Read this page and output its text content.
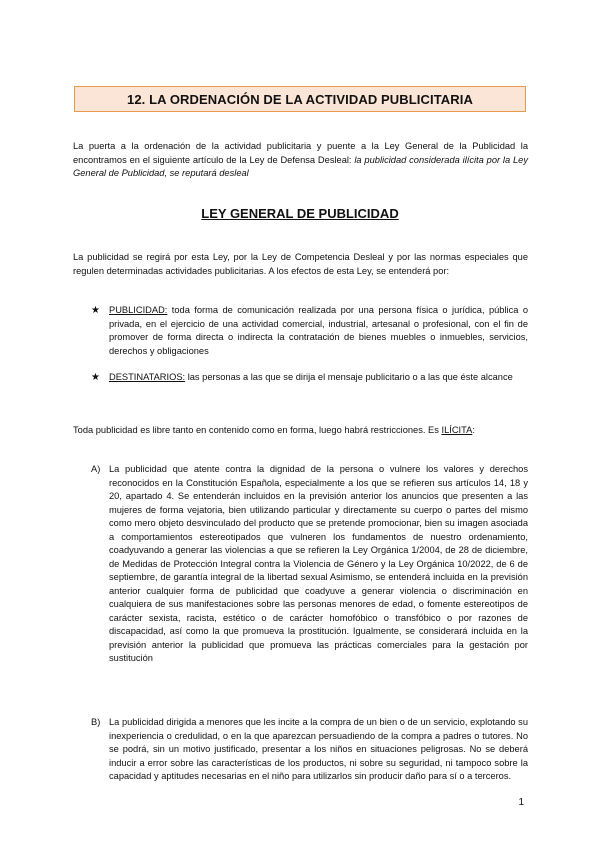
12. LA ORDENACIÓN DE LA ACTIVIDAD PUBLICITARIA

La puerta a la ordenación de la actividad publicitaria y puente a la Ley General de la Publicidad la encontramos en el siguiente artículo de la Ley de Defensa Desleal: la publicidad considerada ilícita por la Ley General de Publicidad, se reputará desleal

LEY GENERAL DE PUBLICIDAD

La publicidad se regirá por esta Ley, por la Ley de Competencia Desleal y por las normas especiales que regulen determinadas actividades publicitarias. A los efectos de esta Ley, se entenderá por:

★ PUBLICIDAD: toda forma de comunicación realizada por una persona física o jurídica, pública o privada, en el ejercicio de una actividad comercial, industrial, artesanal o profesional, con el fin de promover de forma directa o indirecta la contratación de bienes muebles o inmuebles, servicios, derechos y obligaciones
★ DESTINATARIOS: las personas a las que se dirija el mensaje publicitario o a las que éste alcance

Toda publicidad es libre tanto en contenido como en forma, luego habrá restricciones. Es ILÍCITA:

A) La publicidad que atente contra la dignidad de la persona o vulnere los valores y derechos reconocidos en la Constitución Española, especialmente a los que se refieren sus artículos 14, 18 y 20, apartado 4. Se entenderán incluidos en la previsión anterior los anuncios que presenten a las mujeres de forma vejatoria, bien utilizando particular y directamente su cuerpo o partes del mismo como mero objeto desvinculado del producto que se pretende promocionar, bien su imagen asociada a comportamientos estereotipados que vulneren los fundamentos de nuestro ordenamiento, coadyuvando a generar las violencias a que se refieren la Ley Orgánica 1/2004, de 28 de diciembre, de Medidas de Protección Integral contra la Violencia de Género y la Ley Orgánica 10/2022, de 6 de septiembre, de garantía integral de la libertad sexual Asimismo, se entenderá incluida en la previsión anterior cualquier forma de publicidad que coadyuve a generar violencia o discriminación en cualquiera de sus manifestaciones sobre las personas menores de edad, o fomente estereotipos de carácter sexista, racista, estético o de carácter homofóbico o transfóbico o por razones de discapacidad, así como la que promueva la prostitución. Igualmente, se considerará incluida en la previsión anterior la publicidad que promueva las prácticas comerciales para la gestación por sustitución
B) La publicidad dirigida a menores que les incite a la compra de un bien o de un servicio, explotando su inexperiencia o credulidad, o en la que aparezcan persuadiendo de la compra a padres o tutores. No se podrá, sin un motivo justificado, presentar a los niños en situaciones peligrosas. No se deberá inducir a error sobre las características de los productos, ni sobre su seguridad, ni tampoco sobre la capacidad y aptitudes necesarias en el niño para utilizarlos sin producir daño para sí o a terceros.
1
